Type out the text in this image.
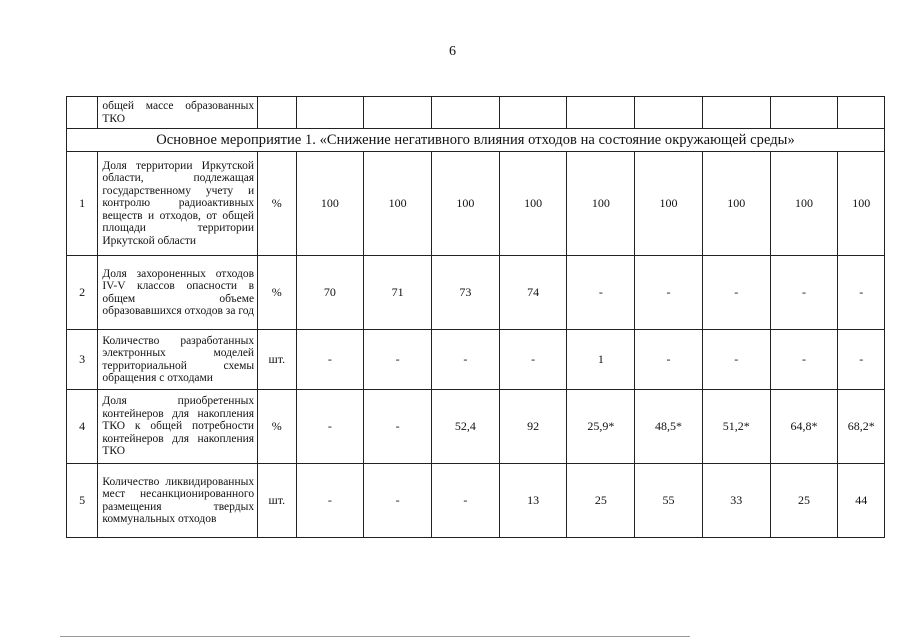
6
	общей массе образованных ТКО										
Основное мероприятие 1. «Снижение негативного влияния отходов на состояние окружающей среды»											
1	Доля территории Иркутской области, подлежащая государственному учету и контролю радиоактивных веществ и отходов, от общей площади территории Иркутской области	%	100	100	100	100	100	100	100	100	100
2	Доля захороненных отходов IV-V классов опасности в общем объеме образовавшихся отходов за год	%	70	71	73	74	-	-	-	-	-
3	Количество разработанных электронных моделей территориальной схемы обращения с отходами	шт.	-	-	-	-	1	-	-	-	-
4	Доля приобретенных контейнеров для накопления ТКО к общей потребности контейнеров для накопления ТКО	%	-	-	52,4	92	25,9*	48,5*	51,2*	64,8*	68,2*
5	Количество ликвидированных мест несанкционированного размещения твердых коммунальных отходов	шт.	-	-	-	13	25	55	33	25	44
